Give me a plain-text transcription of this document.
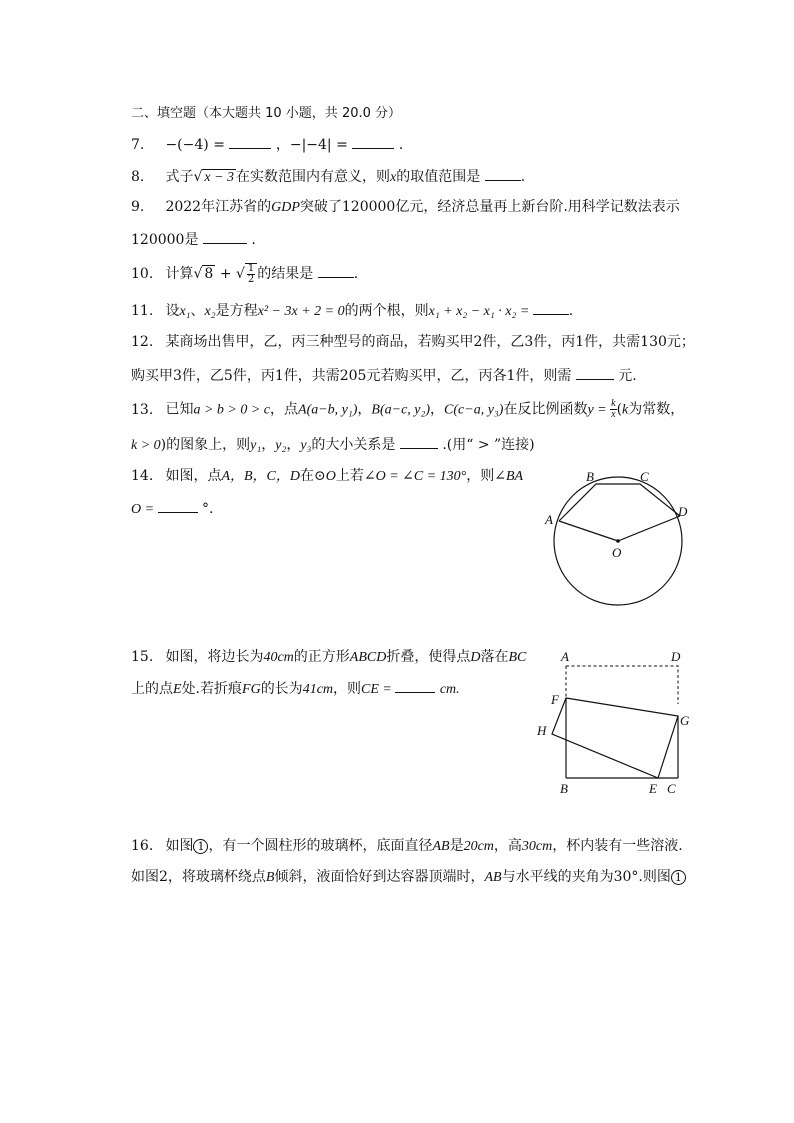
二、填空题（本大题共 10 小题，共 20.0 分）
7. −(−4) =	，−|−4| =	.
8. 式子√ x − 3 在实数范围内有意义，则x的取值范围是	.
9. 2022年江苏省的GDP突破了120000亿元，经济总量再上新台阶.用科学记数法表示
120000是	.
10. 计算√ 8 + √ $\frac{1}{2}$ 的结果是	.
11. 设x₁、x₂是方程x² − 3x + 2 = 0的两个根，则x₁ + x₂ − x₁ · x₂ =	.
12. 某商场出售甲，乙，丙三种型号的商品，若购买甲2件，乙3件，丙1件，共需130元；
购买甲3件，乙5件，丙1件，共需205元若购买甲，乙，丙各1件，则需	元.
13. 已知a > b > 0 > c，点A(a−b, y₁)，B(a−c, y₂)，C(c−a, y₃)在反比例函数$y = \frac{k}{x} (k$为常数，
k > 0)的图象上，则y₁，y₂，y₃的大小关系是	.(用“ > ”连接)
14. 如图，点A，B，C，D在⊙O上若∠O = ∠C = 130°，则∠BA
O =	°.
A
B	C
D
O
15. 如图，将边长为40cm的正方形ABCD折叠，使得点D落在BC
上的点E处.若折痕FG的长为41cm，则CE =	cm.
A	D
F
G
H
B	E C
16. 如图 1 ，有一个圆柱形的玻璃杯，底面直径AB是20cm，高30cm，杯内装有一些溶液.
如图2，将玻璃杯绕点B倾斜，液面恰好到达容器顶端时，AB与水平线的夹角为30°.则图 1
